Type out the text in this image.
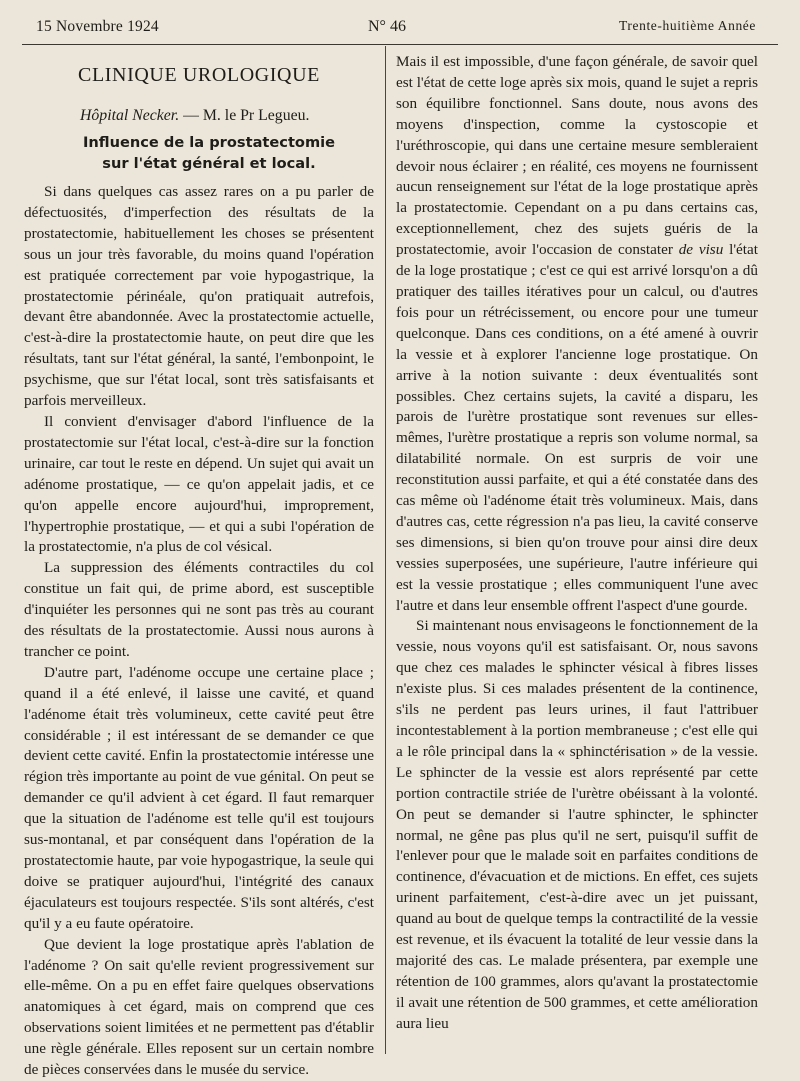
15 Novembre 1924	N° 46	Trente-huitième Année
CLINIQUE UROLOGIQUE
Hôpital Necker. — M. le Pr Legueu.
Influence de la prostatectomie
sur l'état général et local.

Si dans quelques cas assez rares on a pu parler de défectuosités, d'imperfection des résultats de la prostatectomie, habituellement les choses se présentent sous un jour très favorable, du moins quand l'opération est pratiquée correctement par voie hypogastrique, la prostatectomie périnéale, qu'on pratiquait autrefois, devant être abandonnée. Avec la prostatectomie actuelle, c'est-à-dire la prostatectomie haute, on peut dire que les résultats, tant sur l'état général, la santé, l'embonpoint, le psychisme, que sur l'état local, sont très satisfaisants et parfois merveilleux.

Il convient d'envisager d'abord l'influence de la prostatectomie sur l'état local, c'est-à-dire sur la fonction urinaire, car tout le reste en dépend. Un sujet qui avait un adénome prostatique, — ce qu'on appelait jadis, et ce qu'on appelle encore aujourd'hui, improprement, l'hypertrophie prostatique, — et qui a subi l'opération de la prostatectomie, n'a plus de col vésical.

La suppression des éléments contractiles du col constitue un fait qui, de prime abord, est susceptible d'inquiéter les personnes qui ne sont pas très au courant des résultats de la prostatectomie. Aussi nous aurons à trancher ce point.

D'autre part, l'adénome occupe une certaine place ; quand il a été enlevé, il laisse une cavité, et quand l'adénome était très volumineux, cette cavité peut être considérable ; il est intéressant de se demander ce que devient cette cavité. Enfin la prostatectomie intéresse une région très importante au point de vue génital. On peut se demander ce qu'il advient à cet égard. Il faut remarquer que la situation de l'adénome est telle qu'il est toujours sus-montanal, et par conséquent dans l'opération de la prostatectomie haute, par voie hypogastrique, la seule qui doive se pratiquer aujourd'hui, l'intégrité des canaux éjaculateurs est toujours respectée. S'ils sont altérés, c'est qu'il y a eu faute opératoire.

Que devient la loge prostatique après l'ablation de l'adénome ? On sait qu'elle revient progressivement sur elle-même. On a pu en effet faire quelques observations anatomiques à cet égard, mais on comprend que ces observations soient limitées et ne permettent pas d'établir une règle générale. Elles reposent sur un certain nombre de pièces conservées dans le musée du service.

Mais il est impossible, d'une façon générale, de savoir quel est l'état de cette loge après six mois, quand le sujet a repris son équilibre fonctionnel. Sans doute, nous avons des moyens d'inspection, comme la cystoscopie et l'uréthroscopie, qui dans une certaine mesure sembleraient devoir nous éclairer ; en réalité, ces moyens ne fournissent aucun renseignement sur l'état de la loge prostatique après la prostatectomie. Cependant on a pu dans certains cas, exceptionnellement, chez des sujets guéris de la prostatectomie, avoir l'occasion de constater de visu l'état de la loge prostatique ; c'est ce qui est arrivé lorsqu'on a dû pratiquer des tailles itératives pour un calcul, ou d'autres fois pour un rétrécissement, ou encore pour une tumeur quelconque. Dans ces conditions, on a été amené à ouvrir la vessie et à explorer l'ancienne loge prostatique. On arrive à la notion suivante : deux éventualités sont possibles. Chez certains sujets, la cavité a disparu, les parois de l'urètre prostatique sont revenues sur elles-mêmes, l'urètre prostatique a repris son volume normal, sa dilatabilité normale. On est surpris de voir une reconstitution aussi parfaite, et qui a été constatée dans des cas même où l'adénome était très volumineux. Mais, dans d'autres cas, cette régression n'a pas lieu, la cavité conserve ses dimensions, si bien qu'on trouve pour ainsi dire deux vessies superposées, une supérieure, l'autre inférieure qui est la vessie prostatique ; elles communiquent l'une avec l'autre et dans leur ensemble offrent l'aspect d'une gourde.

Si maintenant nous envisageons le fonctionnement de la vessie, nous voyons qu'il est satisfaisant. Or, nous savons que chez ces malades le sphincter vésical à fibres lisses n'existe plus. Si ces malades présentent de la continence, s'ils ne perdent pas leurs urines, il faut l'attribuer incontestablement à la portion membraneuse ; c'est elle qui a le rôle principal dans la « sphinctérisation » de la vessie. Le sphincter de la vessie est alors représenté par cette portion contractile striée de l'urètre obéissant à la volonté. On peut se demander si l'autre sphincter, le sphincter normal, ne gêne pas plus qu'il ne sert, puisqu'il suffit de l'enlever pour que le malade soit en parfaites conditions de continence, d'évacuation et de mictions. En effet, ces sujets urinent parfaitement, c'est-à-dire avec un jet puissant, quand au bout de quelque temps la contractilité de la vessie est revenue, et ils évacuent la totalité de leur vessie dans la majorité des cas. Le malade présentera, par exemple une rétention de 100 grammes, alors qu'avant la prostatectomie il avait une rétention de 500 grammes, et cette amélioration aura lieu
